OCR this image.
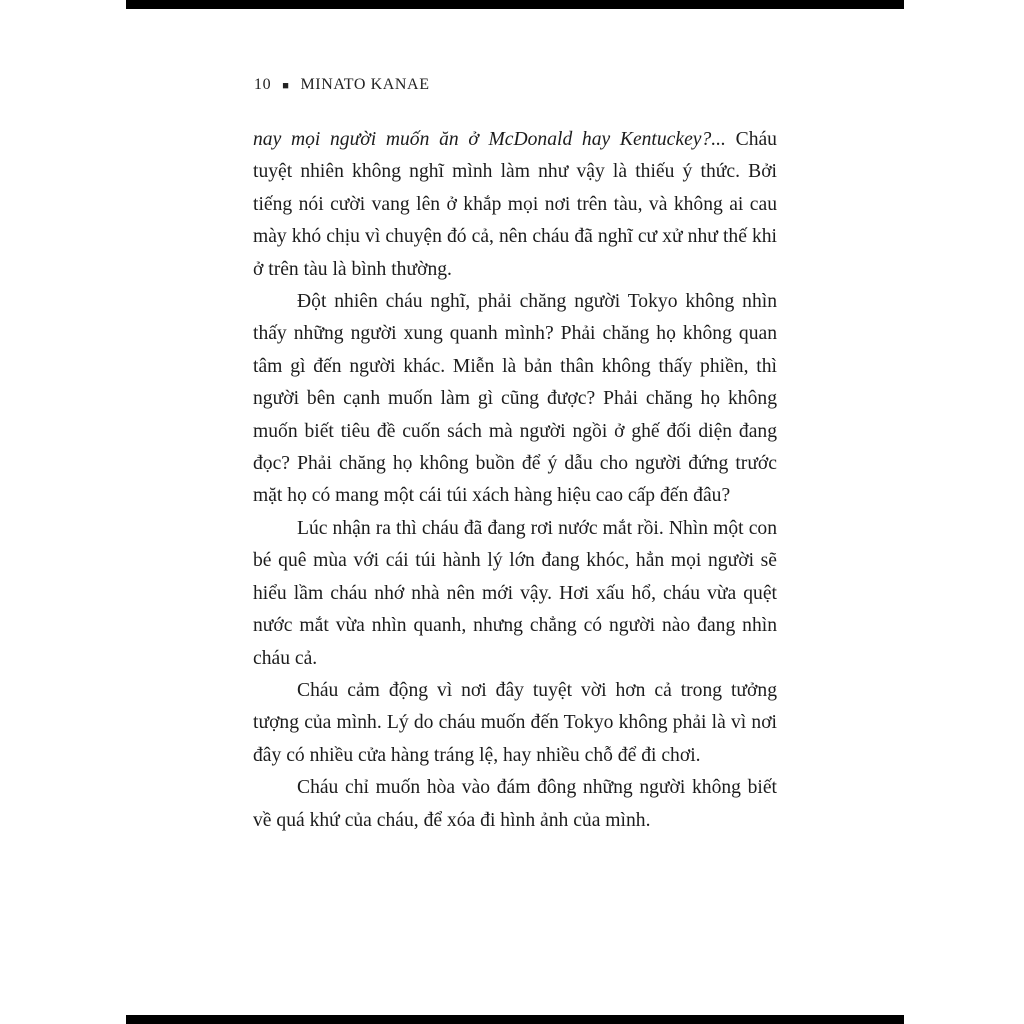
10 ■ MINATO KANAE

nay mọi người muốn ăn ở McDonald hay Kentuckey?... Cháu tuyệt nhiên không nghĩ mình làm như vậy là thiếu ý thức. Bởi tiếng nói cười vang lên ở khắp mọi nơi trên tàu, và không ai cau mày khó chịu vì chuyện đó cả, nên cháu đã nghĩ cư xử như thế khi ở trên tàu là bình thường.

Đột nhiên cháu nghĩ, phải chăng người Tokyo không nhìn thấy những người xung quanh mình? Phải chăng họ không quan tâm gì đến người khác. Miễn là bản thân không thấy phiền, thì người bên cạnh muốn làm gì cũng được? Phải chăng họ không muốn biết tiêu đề cuốn sách mà người ngồi ở ghế đối diện đang đọc? Phải chăng họ không buồn để ý dẫu cho người đứng trước mặt họ có mang một cái túi xách hàng hiệu cao cấp đến đâu?

Lúc nhận ra thì cháu đã đang rơi nước mắt rồi. Nhìn một con bé quê mùa với cái túi hành lý lớn đang khóc, hẳn mọi người sẽ hiểu lầm cháu nhớ nhà nên mới vậy. Hơi xấu hổ, cháu vừa quệt nước mắt vừa nhìn quanh, nhưng chẳng có người nào đang nhìn cháu cả.

Cháu cảm động vì nơi đây tuyệt vời hơn cả trong tưởng tượng của mình. Lý do cháu muốn đến Tokyo không phải là vì nơi đây có nhiều cửa hàng tráng lệ, hay nhiều chỗ để đi chơi.

Cháu chỉ muốn hòa vào đám đông những người không biết về quá khứ của cháu, để xóa đi hình ảnh của mình.
